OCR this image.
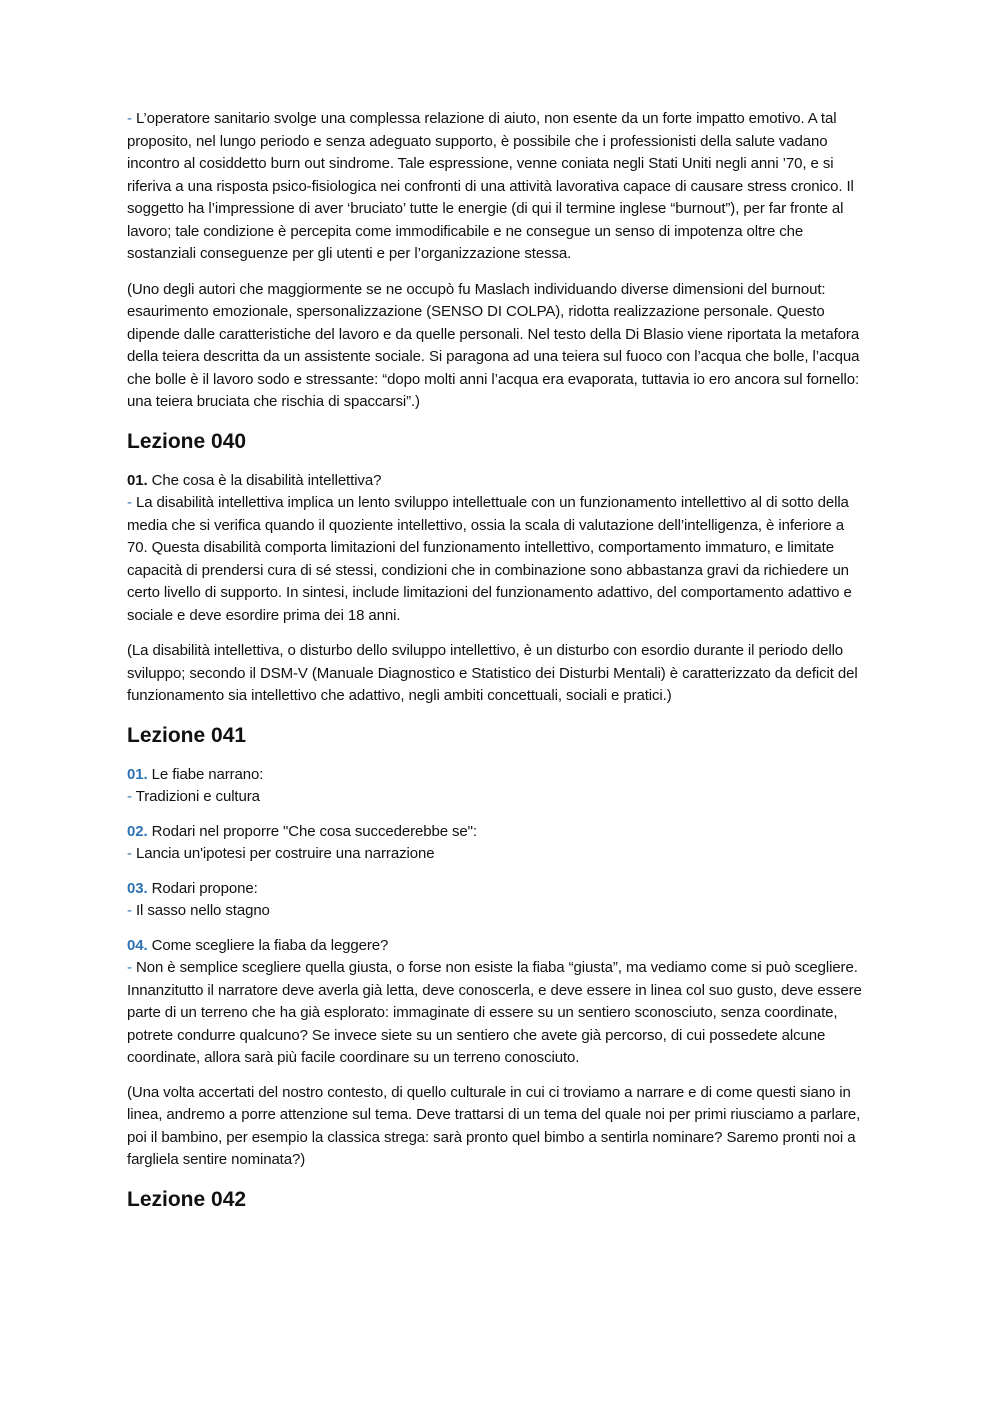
- L’operatore sanitario svolge una complessa relazione di aiuto, non esente da un forte impatto emotivo. A tal proposito, nel lungo periodo e senza adeguato supporto, è possibile che i professionisti della salute vadano incontro al cosiddetto burn out sindrome. Tale espressione, venne coniata negli Stati Uniti negli anni ’70, e si riferiva a una risposta psico-fisiologica nei confronti di una attività lavorativa capace di causare stress cronico. Il soggetto ha l’impressione di aver ‘bruciato’ tutte le energie (di qui il termine inglese “burnout”), per far fronte al lavoro; tale condizione è percepita come immodificabile e ne consegue un senso di impotenza oltre che sostanziali conseguenze per gli utenti e per l’organizzazione stessa.

(Uno degli autori che maggiormente se ne occupò fu Maslach individuando diverse dimensioni del burnout: esaurimento emozionale, spersonalizzazione (SENSO DI COLPA), ridotta realizzazione personale. Questo dipende dalle caratteristiche del lavoro e da quelle personali. Nel testo della Di Blasio viene riportata la metafora della teiera descritta da un assistente sociale. Si paragona ad una teiera sul fuoco con l’acqua che bolle, l’acqua che bolle è il lavoro sodo e stressante: “dopo molti anni l’acqua era evaporata, tuttavia io ero ancora sul fornello: una teiera bruciata che rischia di spaccarsi”.)

Lezione 040

01. Che cosa è la disabilità intellettiva?

- La disabilità intellettiva implica un lento sviluppo intellettuale con un funzionamento intellettivo al di sotto della media che si verifica quando il quoziente intellettivo, ossia la scala di valutazione dell’intelligenza, è inferiore a 70. Questa disabilità comporta limitazioni del funzionamento intellettivo, comportamento immaturo, e limitate capacità di prendersi cura di sé stessi, condizioni che in combinazione sono abbastanza gravi da richiedere un certo livello di supporto. In sintesi, include limitazioni del funzionamento adattivo, del comportamento adattivo e sociale e deve esordire prima dei 18 anni.

(La disabilità intellettiva, o disturbo dello sviluppo intellettivo, è un disturbo con esordio durante il periodo dello sviluppo; secondo il DSM-V (Manuale Diagnostico e Statistico dei Disturbi Mentali) è caratterizzato da deficit del funzionamento sia intellettivo che adattivo, negli ambiti concettuali, sociali e pratici.)

Lezione 041

01. Le fiabe narrano:

- Tradizioni e cultura

02. Rodari nel proporre "Che cosa succederebbe se":

- Lancia un'ipotesi per costruire una narrazione

03. Rodari propone:

- Il sasso nello stagno

04. Come scegliere la fiaba da leggere?

- Non è semplice scegliere quella giusta, o forse non esiste la fiaba “giusta”, ma vediamo come si può scegliere. Innanzitutto il narratore deve averla già letta, deve conoscerla, e deve essere in linea col suo gusto, deve essere parte di un terreno che ha già esplorato: immaginate di essere su un sentiero sconosciuto, senza coordinate, potrete condurre qualcuno? Se invece siete su un sentiero che avete già percorso, di cui possedete alcune coordinate, allora sarà più facile coordinare su un terreno conosciuto.

(Una volta accertati del nostro contesto, di quello culturale in cui ci troviamo a narrare e di come questi siano in linea, andremo a porre attenzione sul tema. Deve trattarsi di un tema del quale noi per primi riusciamo a parlare, poi il bambino, per esempio la classica strega: sarà pronto quel bimbo a sentirla nominare? Saremo pronti noi a fargliela sentire nominata?)

Lezione 042
